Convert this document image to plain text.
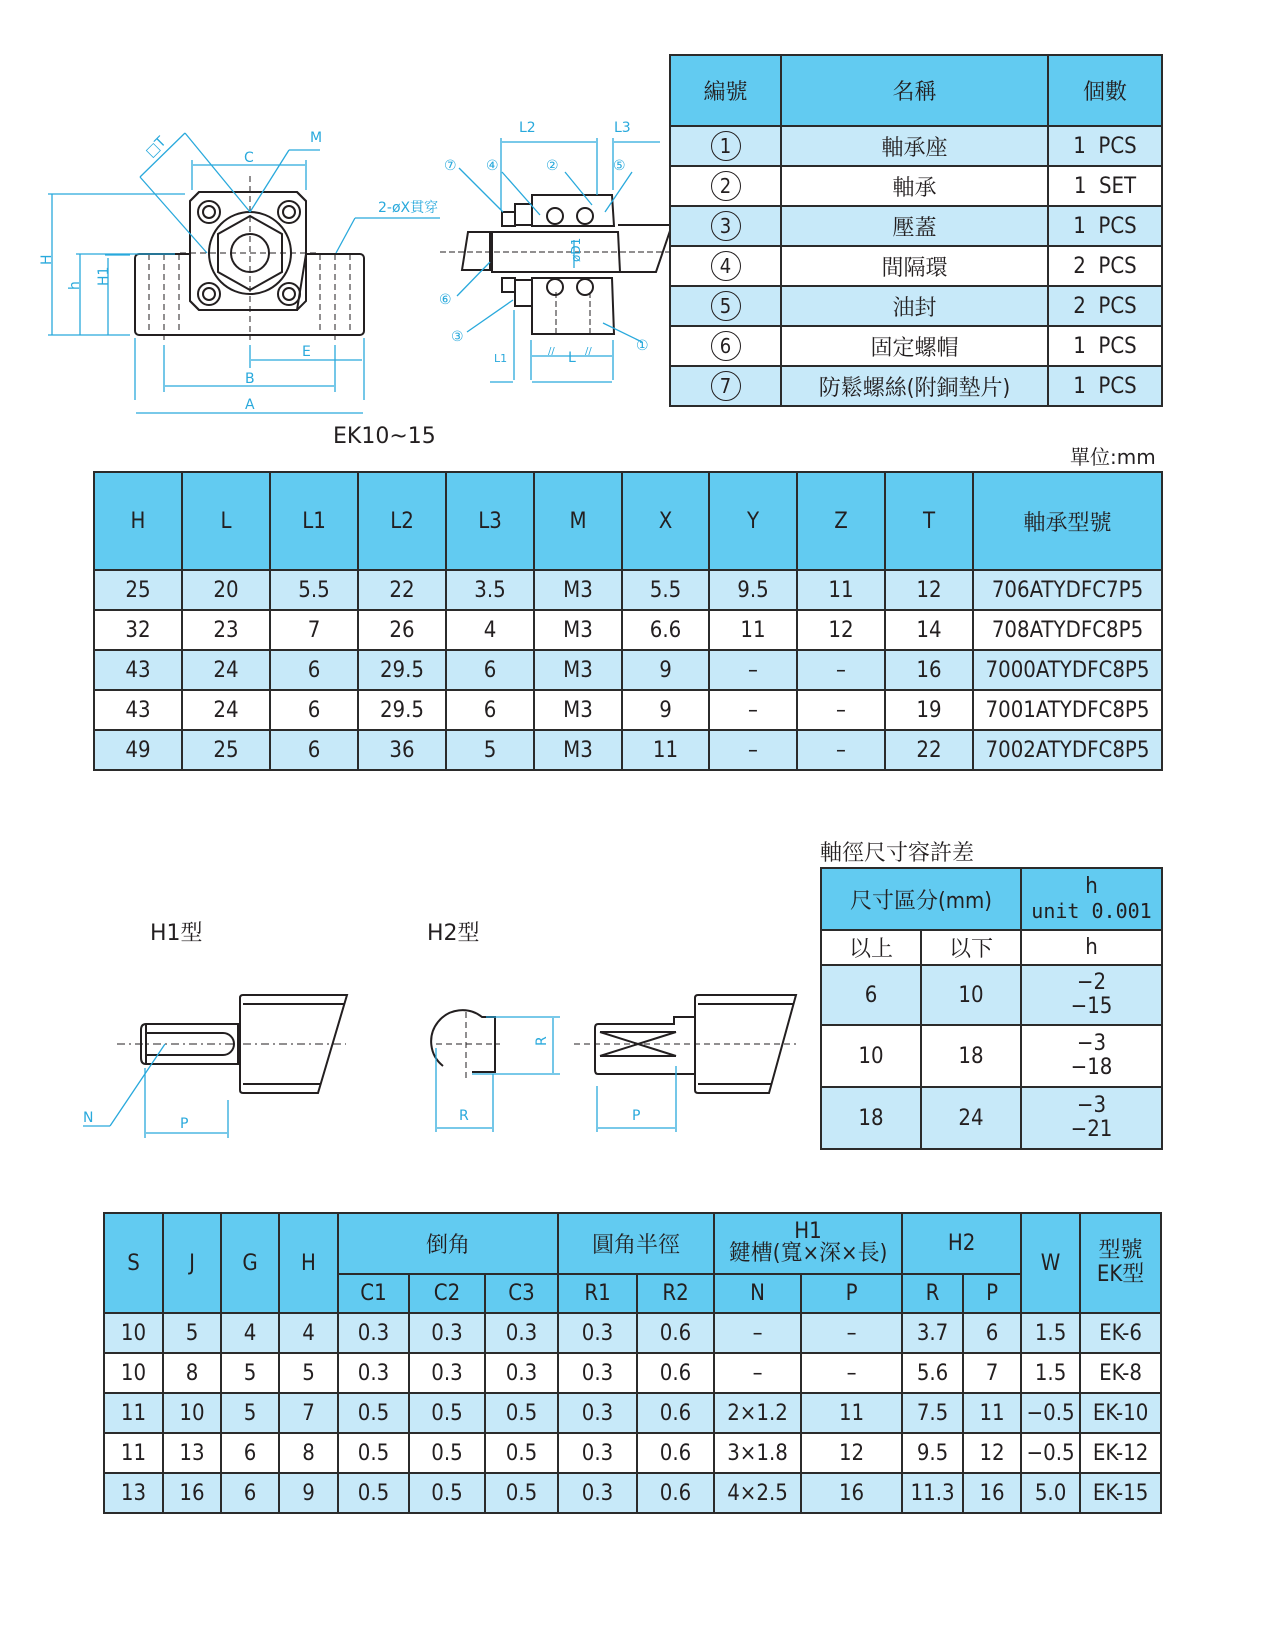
□T	M
C
2-øX貫穿
H
h H1
E
B
A
L2	L3
⑦ ④	②	⑤
⑥
③
①
øD1
L1	L
//	//
編號	名稱	個數
1	軸承座	1  PCS
2	軸承	1  SET
3	壓蓋	1  PCS
4	間隔環	2  PCS
5	油封	2  PCS
6	固定螺帽	1  PCS
7	防鬆螺絲(附銅墊片)	1  PCS
EK10~15
單位:mm
H	L	L1	L2	L3	M	X	Y	Z	T	軸承型號
25	20	5.5	22	3.5	M3	5.5	9.5	11	12	706ATYDFC7P5
32	23	7	26	4	M3	6.6	11	12	14	708ATYDFC8P5
43	24	6	29.5	6	M3	9	–	–	16	7000ATYDFC8P5
43	24	6	29.5	6	M3	9	–	–	19	7001ATYDFC8P5
49	25	6	36	5	M3	11	–	–	22	7002ATYDFC8P5
H1型	H2型
N	P
R
R	P
軸徑尺寸容許差
尺寸區分(mm)		h
unit 0.001

以上	以下	h
6	10	−2
−15

10	18	−3
−18

18	24	−3
−21
S	J	G	H	倒角			圓角半徑		H1
鍵槽(寬×深×長)		H2		W	型號
EK型

				C1	C2	C3	R1	R2	N	P	R	P		
10	5	4	4	0.3	0.3	0.3	0.3	0.6	–	–	3.7	6	1.5	EK-6
10	8	5	5	0.3	0.3	0.3	0.3	0.6	–	–	5.6	7	1.5	EK-8
11	10	5	7	0.5	0.5	0.5	0.3	0.6	2×1.2	11	7.5	11	−0.5	EK-10
11	13	6	8	0.5	0.5	0.5	0.3	0.6	3×1.8	12	9.5	12	−0.5	EK-12
13	16	6	9	0.5	0.5	0.5	0.3	0.6	4×2.5	16	11.3	16	5.0	EK-15
